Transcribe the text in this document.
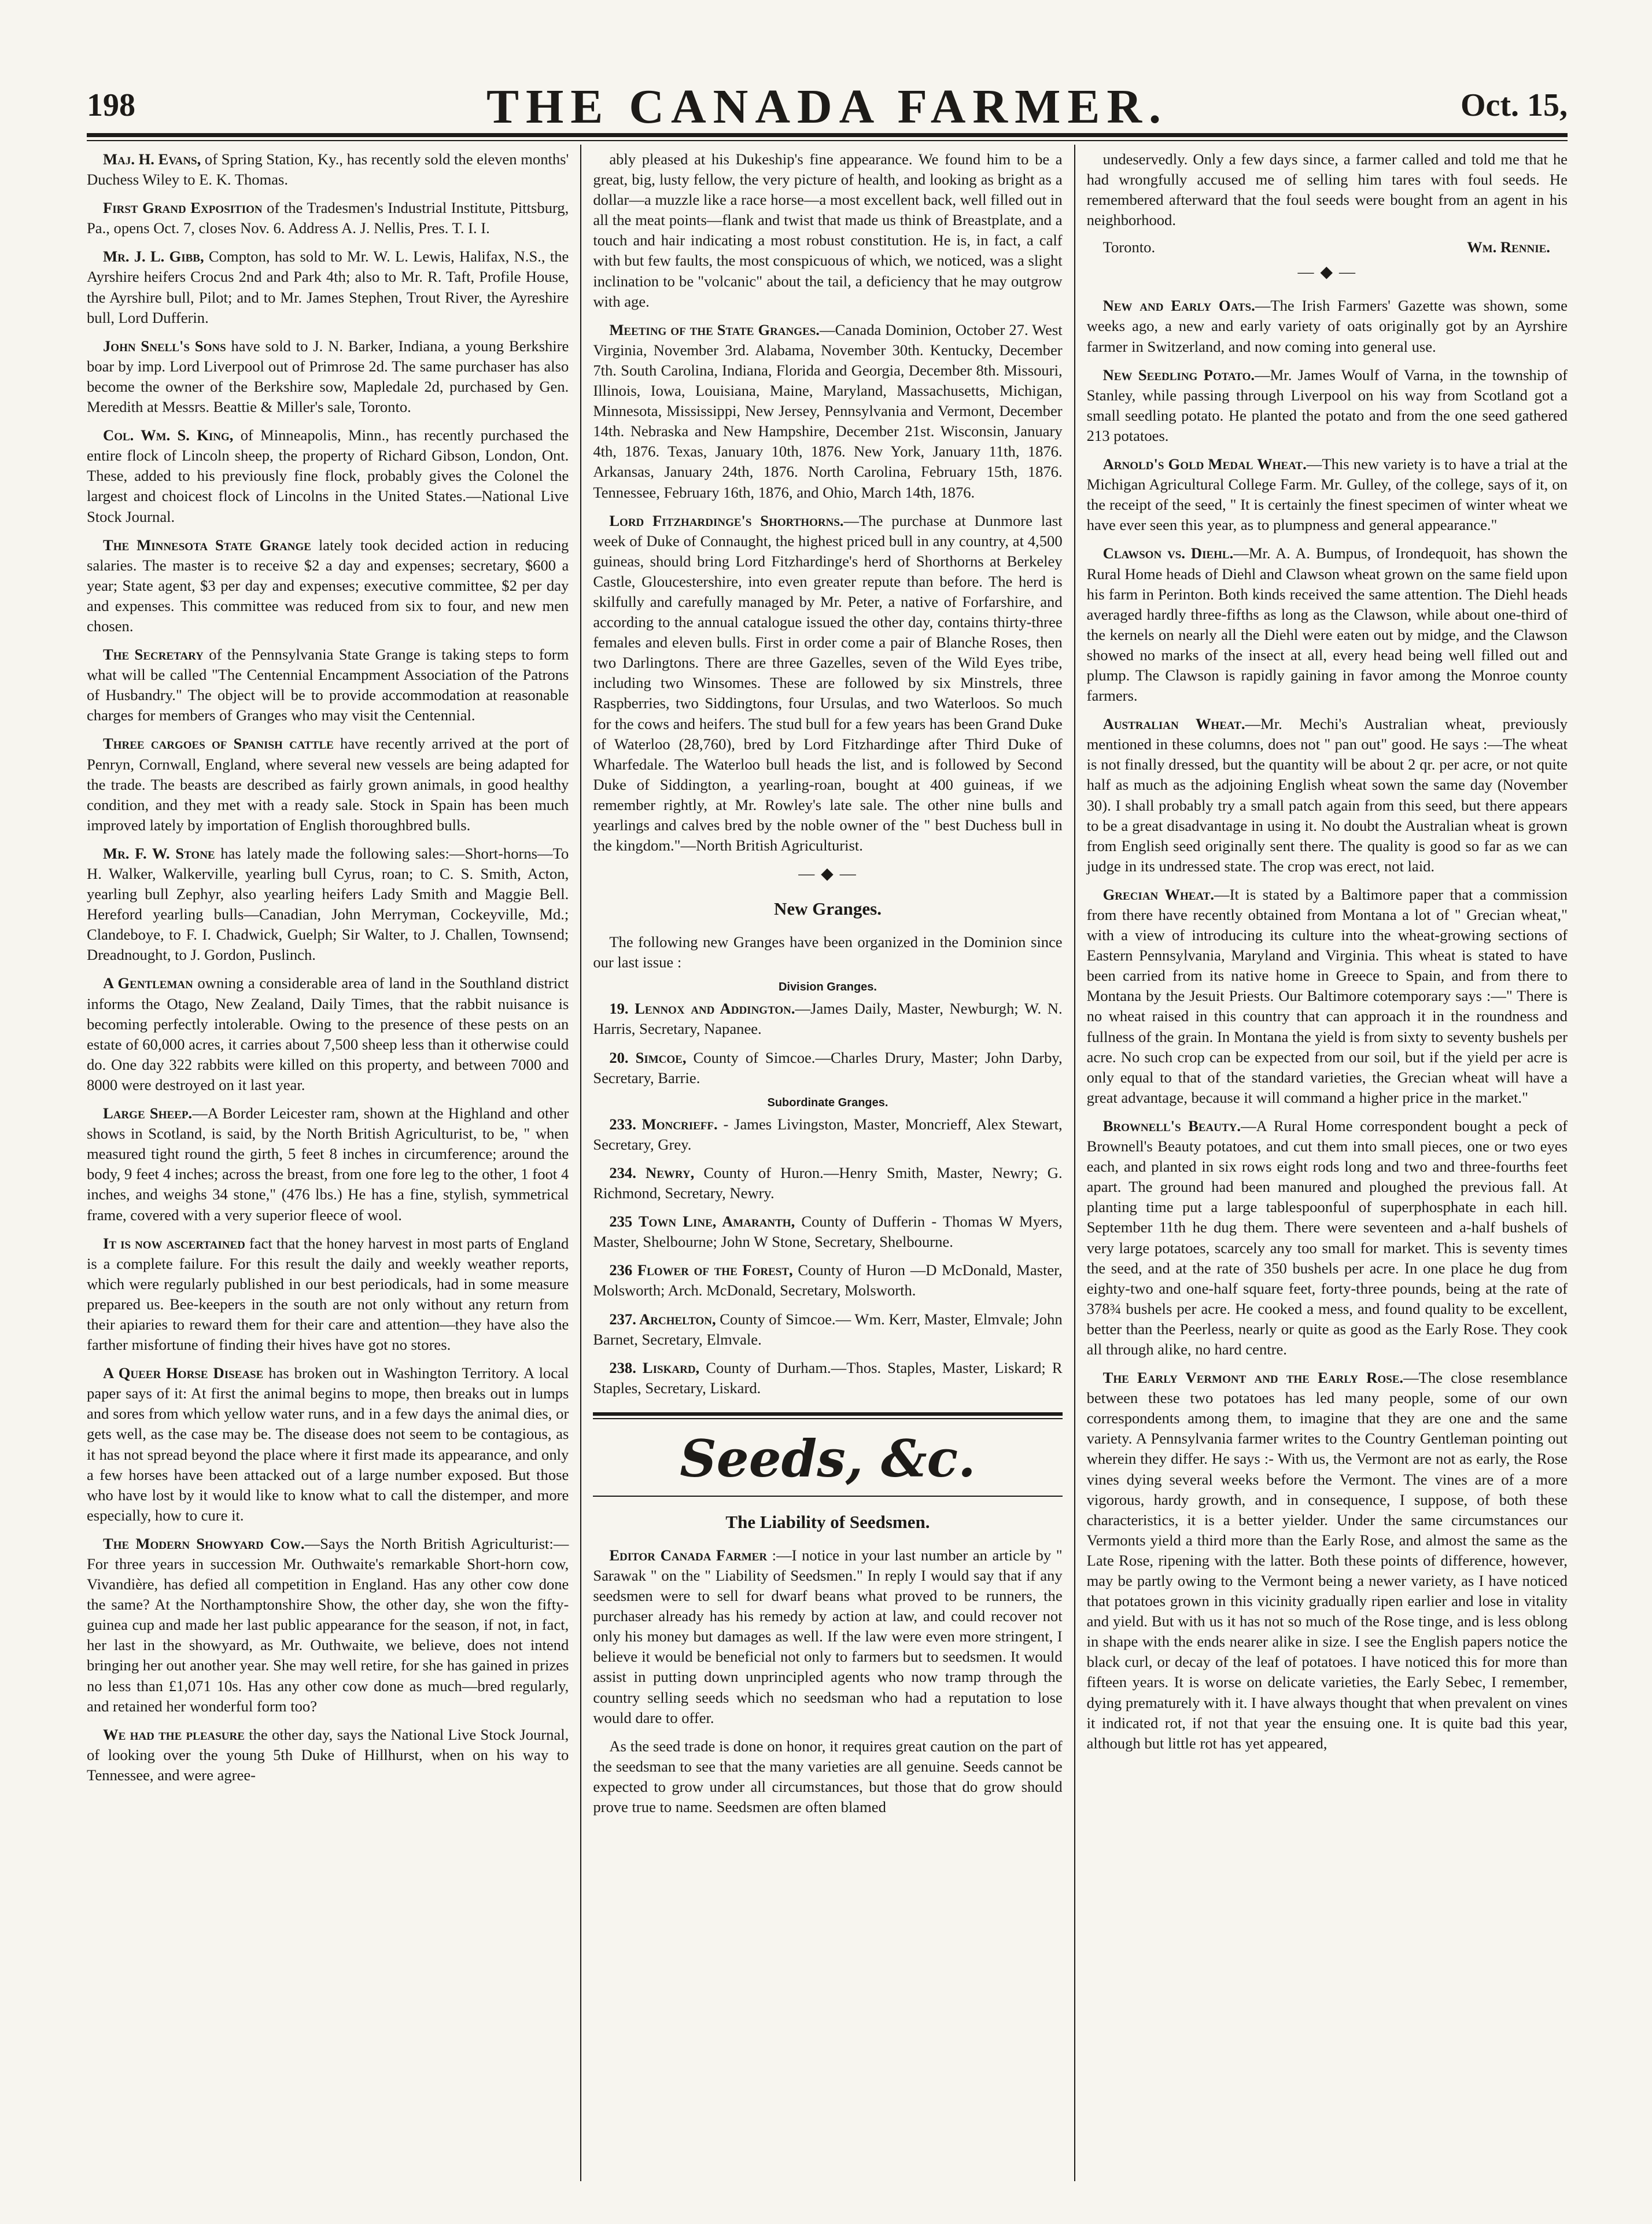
198	THE CANADA FARMER.	Oct. 15,

Maj. H. Evans, of Spring Station, Ky., has recently sold the eleven months' Duchess Wiley to E. K. Thomas.

First Grand Exposition of the Tradesmen's Industrial Institute, Pittsburg, Pa., opens Oct. 7, closes Nov. 6. Address A. J. Nellis, Pres. T. I. I.

Mr. J. L. Gibb, Compton, has sold to Mr. W. L. Lewis, Halifax, N.S., the Ayrshire heifers Crocus 2nd and Park 4th; also to Mr. R. Taft, Profile House, the Ayrshire bull, Pilot; and to Mr. James Stephen, Trout River, the Ayreshire bull, Lord Dufferin.

John Snell's Sons have sold to J. N. Barker, Indiana, a young Berkshire boar by imp. Lord Liverpool out of Primrose 2d. The same purchaser has also become the owner of the Berkshire sow, Mapledale 2d, purchased by Gen. Meredith at Messrs. Beattie & Miller's sale, Toronto.

Col. Wm. S. King, of Minneapolis, Minn., has recently purchased the entire flock of Lincoln sheep, the property of Richard Gibson, London, Ont. These, added to his previously fine flock, probably gives the Colonel the largest and choicest flock of Lincolns in the United States.—National Live Stock Journal.

The Minnesota State Grange lately took decided action in reducing salaries. The master is to receive $2 a day and expenses; secretary, $600 a year; State agent, $3 per day and expenses; executive committee, $2 per day and expenses. This committee was reduced from six to four, and new men chosen.

The Secretary of the Pennsylvania State Grange is taking steps to form what will be called "The Centennial Encampment Association of the Patrons of Husbandry." The object will be to provide accommodation at reasonable charges for members of Granges who may visit the Centennial.

Three cargoes of Spanish cattle have recently arrived at the port of Penryn, Cornwall, England, where several new vessels are being adapted for the trade. The beasts are described as fairly grown animals, in good healthy condition, and they met with a ready sale. Stock in Spain has been much improved lately by importation of English thoroughbred bulls.

Mr. F. W. Stone has lately made the following sales:—Short-horns—To H. Walker, Walkerville, yearling bull Cyrus, roan; to C. S. Smith, Acton, yearling bull Zephyr, also yearling heifers Lady Smith and Maggie Bell. Hereford yearling bulls—Canadian, John Merryman, Cockeyville, Md.; Clandeboye, to F. I. Chadwick, Guelph; Sir Walter, to J. Challen, Townsend; Dreadnought, to J. Gordon, Puslinch.

A Gentleman owning a considerable area of land in the Southland district informs the Otago, New Zealand, Daily Times, that the rabbit nuisance is becoming perfectly intolerable. Owing to the presence of these pests on an estate of 60,000 acres, it carries about 7,500 sheep less than it otherwise could do. One day 322 rabbits were killed on this property, and between 7000 and 8000 were destroyed on it last year.

Large Sheep.—A Border Leicester ram, shown at the Highland and other shows in Scotland, is said, by the North British Agriculturist, to be, " when measured tight round the girth, 5 feet 8 inches in circumference; around the body, 9 feet 4 inches; across the breast, from one fore leg to the other, 1 foot 4 inches, and weighs 34 stone," (476 lbs.) He has a fine, stylish, symmetrical frame, covered with a very superior fleece of wool.

It is now ascertained fact that the honey harvest in most parts of England is a complete failure. For this result the daily and weekly weather reports, which were regularly published in our best periodicals, had in some measure prepared us. Bee-keepers in the south are not only without any return from their apiaries to reward them for their care and attention—they have also the farther misfortune of finding their hives have got no stores.

A Queer Horse Disease has broken out in Washington Territory. A local paper says of it: At first the animal begins to mope, then breaks out in lumps and sores from which yellow water runs, and in a few days the animal dies, or gets well, as the case may be. The disease does not seem to be contagious, as it has not spread beyond the place where it first made its appearance, and only a few horses have been attacked out of a large number exposed. But those who have lost by it would like to know what to call the distemper, and more especially, how to cure it.

The Modern Showyard Cow.—Says the North British Agriculturist:—For three years in succession Mr. Outhwaite's remarkable Short-horn cow, Vivandière, has defied all competition in England. Has any other cow done the same? At the Northamptonshire Show, the other day, she won the fifty-guinea cup and made her last public appearance for the season, if not, in fact, her last in the showyard, as Mr. Outhwaite, we believe, does not intend bringing her out another year. She may well retire, for she has gained in prizes no less than £1,071 10s. Has any other cow done as much—bred regularly, and retained her wonderful form too?

We had the pleasure the other day, says the National Live Stock Journal, of looking over the young 5th Duke of Hillhurst, when on his way to Tennessee, and were agree-

ably pleased at his Dukeship's fine appearance. We found him to be a great, big, lusty fellow, the very picture of health, and looking as bright as a dollar—a muzzle like a race horse—a most excellent back, well filled out in all the meat points—flank and twist that made us think of Breastplate, and a touch and hair indicating a most robust constitution. He is, in fact, a calf with but few faults, the most conspicuous of which, we noticed, was a slight inclination to be "volcanic" about the tail, a deficiency that he may outgrow with age.

Meeting of the State Granges.—Canada Dominion, October 27. West Virginia, November 3rd. Alabama, November 30th. Kentucky, December 7th. South Carolina, Indiana, Florida and Georgia, December 8th. Missouri, Illinois, Iowa, Louisiana, Maine, Maryland, Massachusetts, Michigan, Minnesota, Mississippi, New Jersey, Pennsylvania and Vermont, December 14th. Nebraska and New Hampshire, December 21st. Wisconsin, January 4th, 1876. Texas, January 10th, 1876. New York, January 11th, 1876. Arkansas, January 24th, 1876. North Carolina, February 15th, 1876. Tennessee, February 16th, 1876, and Ohio, March 14th, 1876.

Lord Fitzhardinge's Shorthorns.—The purchase at Dunmore last week of Duke of Connaught, the highest priced bull in any country, at 4,500 guineas, should bring Lord Fitzhardinge's herd of Shorthorns at Berkeley Castle, Gloucestershire, into even greater repute than before. The herd is skilfully and carefully managed by Mr. Peter, a native of Forfarshire, and according to the annual catalogue issued the other day, contains thirty-three females and eleven bulls. First in order come a pair of Blanche Roses, then two Darlingtons. There are three Gazelles, seven of the Wild Eyes tribe, including two Winsomes. These are followed by six Minstrels, three Raspberries, two Siddingtons, four Ursulas, and two Waterloos. So much for the cows and heifers. The stud bull for a few years has been Grand Duke of Waterloo (28,760), bred by Lord Fitzhardinge after Third Duke of Wharfedale. The Waterloo bull heads the list, and is followed by Second Duke of Siddington, a yearling-roan, bought at 400 guineas, if we remember rightly, at Mr. Rowley's late sale. The other nine bulls and yearlings and calves bred by the noble owner of the " best Duchess bull in the kingdom."—North British Agriculturist.

— ◆ —
New Granges.

The following new Granges have been organized in the Dominion since our last issue :

Division Granges.

19. Lennox and Addington.—James Daily, Master, Newburgh; W. N. Harris, Secretary, Napanee.

20. Simcoe, County of Simcoe.—Charles Drury, Master; John Darby, Secretary, Barrie.

Subordinate Granges.

233. Moncrieff. - James Livingston, Master, Moncrieff, Alex Stewart, Secretary, Grey.

234. Newry, County of Huron.—Henry Smith, Master, Newry; G. Richmond, Secretary, Newry.

235 Town Line, Amaranth, County of Dufferin - Thomas W Myers, Master, Shelbourne; John W Stone, Secretary, Shelbourne.

236 Flower of the Forest, County of Huron —D McDonald, Master, Molsworth; Arch. McDonald, Secretary, Molsworth.

237. Archelton, County of Simcoe.— Wm. Kerr, Master, Elmvale; John Barnet, Secretary, Elmvale.

238. Liskard, County of Durham.—Thos. Staples, Master, Liskard; R Staples, Secretary, Liskard.

Seeds, &c.
The Liability of Seedsmen.

Editor Canada Farmer :—I notice in your last number an article by " Sarawak " on the " Liability of Seedsmen." In reply I would say that if any seedsmen were to sell for dwarf beans what proved to be runners, the purchaser already has his remedy by action at law, and could recover not only his money but damages as well. If the law were even more stringent, I believe it would be beneficial not only to farmers but to seedsmen. It would assist in putting down unprincipled agents who now tramp through the country selling seeds which no seedsman who had a reputation to lose would dare to offer.

As the seed trade is done on honor, it requires great caution on the part of the seedsman to see that the many varieties are all genuine. Seeds cannot be expected to grow under all circumstances, but those that do grow should prove true to name. Seedsmen are often blamed

undeservedly. Only a few days since, a farmer called and told me that he had wrongfully accused me of selling him tares with foul seeds. He remembered afterward that the foul seeds were bought from an agent in his neighborhood.

Toronto.	Wm. Rennie.
— ◆ —

New and Early Oats.—The Irish Farmers' Gazette was shown, some weeks ago, a new and early variety of oats originally got by an Ayrshire farmer in Switzerland, and now coming into general use.

New Seedling Potato.—Mr. James Woulf of Varna, in the township of Stanley, while passing through Liverpool on his way from Scotland got a small seedling potato. He planted the potato and from the one seed gathered 213 potatoes.

Arnold's Gold Medal Wheat.—This new variety is to have a trial at the Michigan Agricultural College Farm. Mr. Gulley, of the college, says of it, on the receipt of the seed, " It is certainly the finest specimen of winter wheat we have ever seen this year, as to plumpness and general appearance."

Clawson vs. Diehl.—Mr. A. A. Bumpus, of Irondequoit, has shown the Rural Home heads of Diehl and Clawson wheat grown on the same field upon his farm in Perinton. Both kinds received the same attention. The Diehl heads averaged hardly three-fifths as long as the Clawson, while about one-third of the kernels on nearly all the Diehl were eaten out by midge, and the Clawson showed no marks of the insect at all, every head being well filled out and plump. The Clawson is rapidly gaining in favor among the Monroe county farmers.

Australian Wheat.—Mr. Mechi's Australian wheat, previously mentioned in these columns, does not " pan out" good. He says :—The wheat is not finally dressed, but the quantity will be about 2 qr. per acre, or not quite half as much as the adjoining English wheat sown the same day (November 30). I shall probably try a small patch again from this seed, but there appears to be a great disadvantage in using it. No doubt the Australian wheat is grown from English seed originally sent there. The quality is good so far as we can judge in its undressed state. The crop was erect, not laid.

Grecian Wheat.—It is stated by a Baltimore paper that a commission from there have recently obtained from Montana a lot of " Grecian wheat," with a view of introducing its culture into the wheat-growing sections of Eastern Pennsylvania, Maryland and Virginia. This wheat is stated to have been carried from its native home in Greece to Spain, and from there to Montana by the Jesuit Priests. Our Baltimore cotemporary says :—" There is no wheat raised in this country that can approach it in the roundness and fullness of the grain. In Montana the yield is from sixty to seventy bushels per acre. No such crop can be expected from our soil, but if the yield per acre is only equal to that of the standard varieties, the Grecian wheat will have a great advantage, because it will command a higher price in the market."

Brownell's Beauty.—A Rural Home correspondent bought a peck of Brownell's Beauty potatoes, and cut them into small pieces, one or two eyes each, and planted in six rows eight rods long and two and three-fourths feet apart. The ground had been manured and ploughed the previous fall. At planting time put a large tablespoonful of superphosphate in each hill. September 11th he dug them. There were seventeen and a-half bushels of very large potatoes, scarcely any too small for market. This is seventy times the seed, and at the rate of 350 bushels per acre. In one place he dug from eighty-two and one-half square feet, forty-three pounds, being at the rate of 378¾ bushels per acre. He cooked a mess, and found quality to be excellent, better than the Peerless, nearly or quite as good as the Early Rose. They cook all through alike, no hard centre.

The Early Vermont and the Early Rose.—The close resemblance between these two potatoes has led many people, some of our own correspondents among them, to imagine that they are one and the same variety. A Pennsylvania farmer writes to the Country Gentleman pointing out wherein they differ. He says :- With us, the Vermont are not as early, the Rose vines dying several weeks before the Vermont. The vines are of a more vigorous, hardy growth, and in consequence, I suppose, of both these characteristics, it is a better yielder. Under the same circumstances our Vermonts yield a third more than the Early Rose, and almost the same as the Late Rose, ripening with the latter. Both these points of difference, however, may be partly owing to the Vermont being a newer variety, as I have noticed that potatoes grown in this vicinity gradually ripen earlier and lose in vitality and yield. But with us it has not so much of the Rose tinge, and is less oblong in shape with the ends nearer alike in size. I see the English papers notice the black curl, or decay of the leaf of potatoes. I have noticed this for more than fifteen years. It is worse on delicate varieties, the Early Sebec, I remember, dying prematurely with it. I have always thought that when prevalent on vines it indicated rot, if not that year the ensuing one. It is quite bad this year, although but little rot has yet appeared,
